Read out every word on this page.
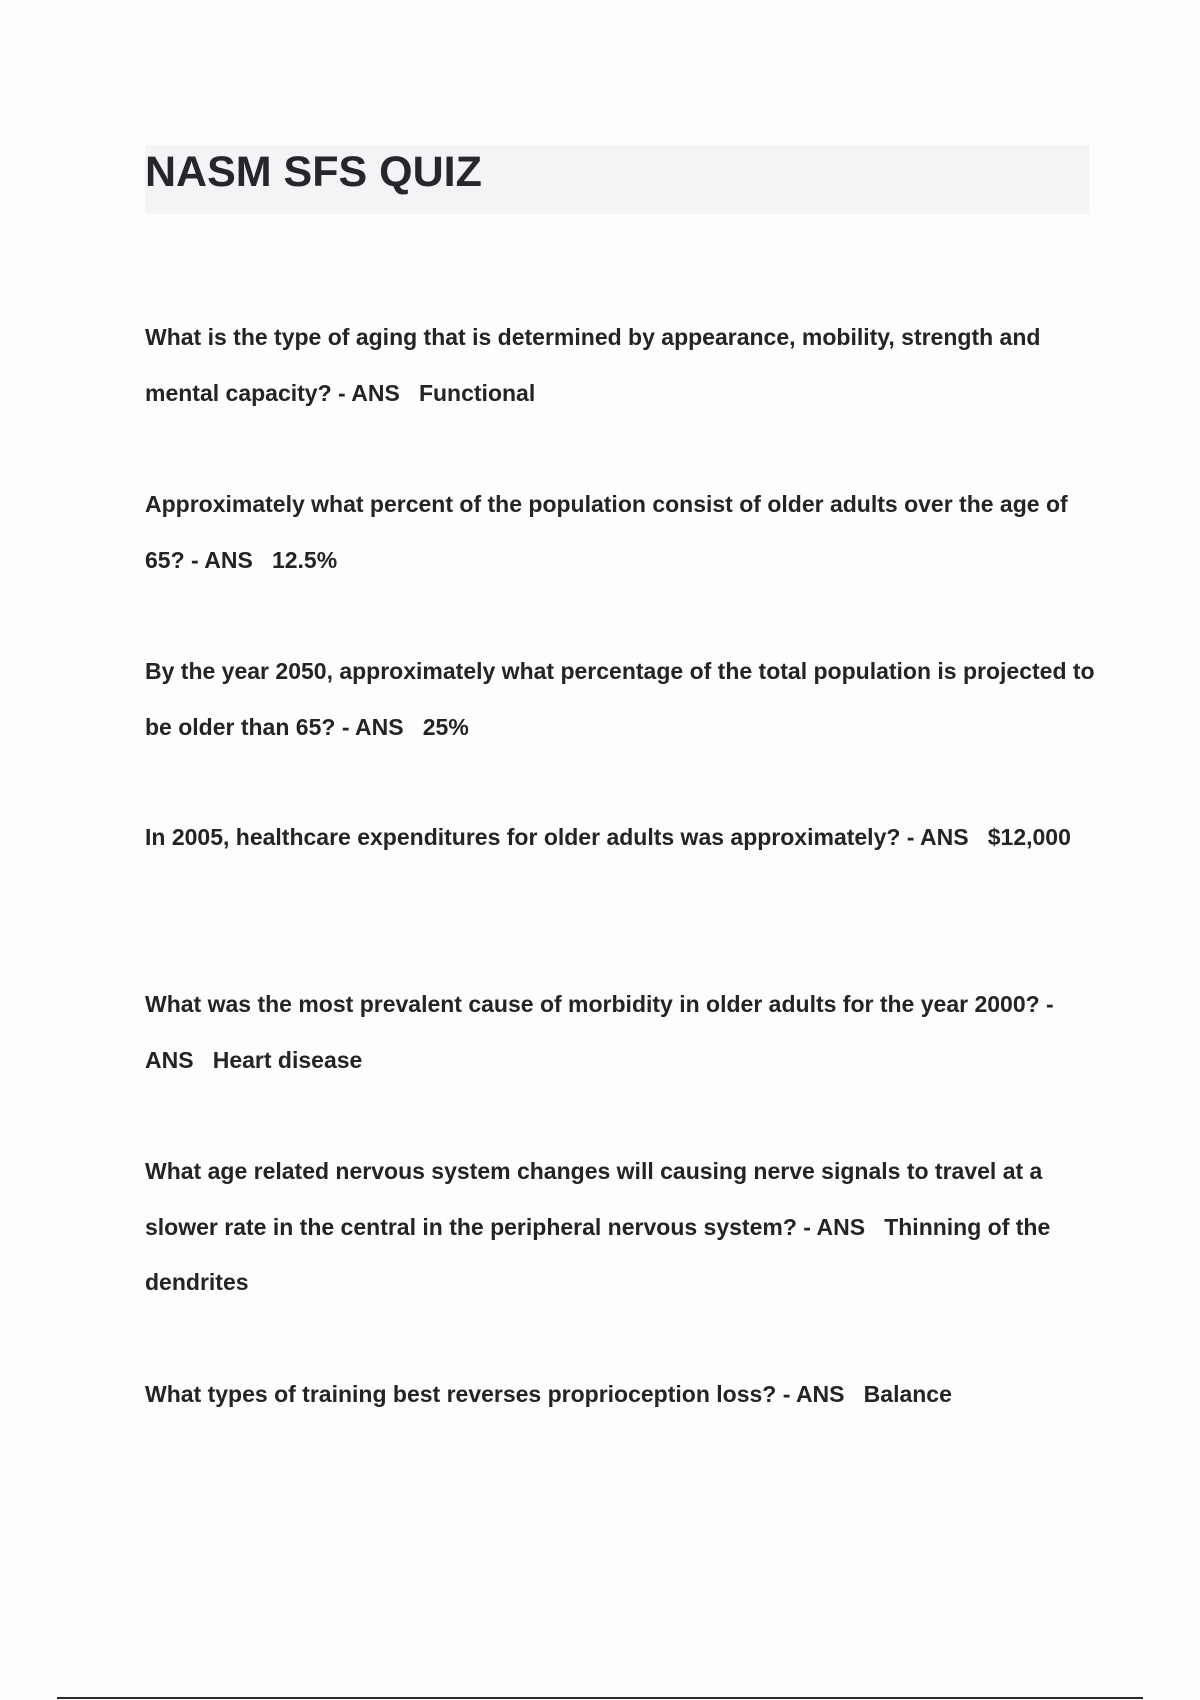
NASM SFS QUIZ

What is the type of aging that is determined by appearance, mobility, strength and mental capacity? - ANS Functional

Approximately what percent of the population consist of older adults over the age of 65? - ANS 12.5%

By the year 2050, approximately what percentage of the total population is projected to be older than 65? - ANS 25%

In 2005, healthcare expenditures for older adults was approximately? - ANS $12,000

What was the most prevalent cause of morbidity in older adults for the year 2000? - ANS Heart disease

What age related nervous system changes will causing nerve signals to travel at a slower rate in the central in the peripheral nervous system? - ANS Thinning of the dendrites

What types of training best reverses proprioception loss? - ANS Balance
